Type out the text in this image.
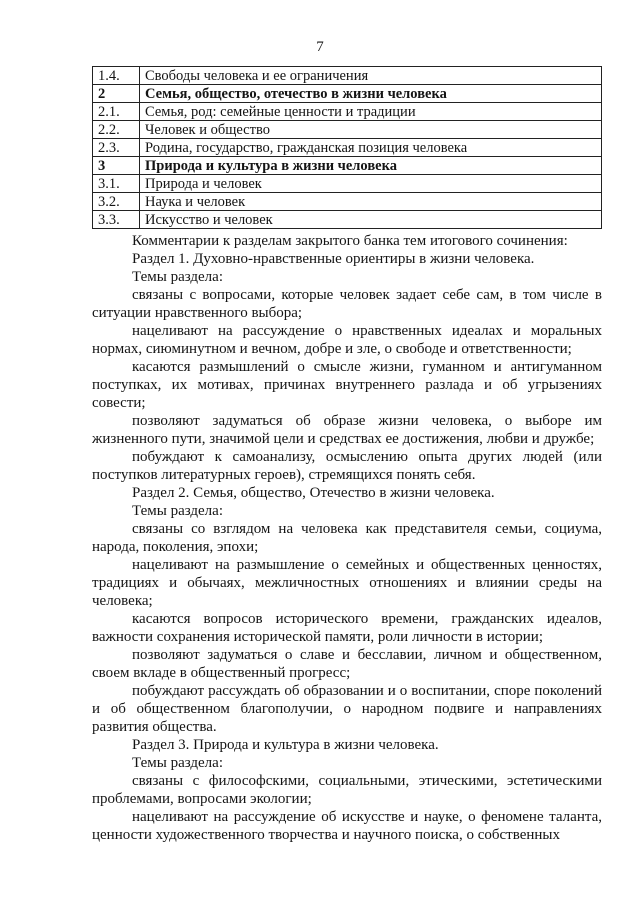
7
1.4.	Свободы человека и ее ограничения
2	Семья, общество, отечество в жизни человека
2.1.	Семья, род: семейные ценности и традиции
2.2.	Человек и общество
2.3.	Родина, государство, гражданская позиция человека
3	Природа и культура в жизни человека
3.1.	Природа и человек
3.2.	Наука и человек
3.3.	Искусство и человек

Комментарии к разделам закрытого банка тем итогового сочинения:

Раздел 1. Духовно-нравственные ориентиры в жизни человека.

Темы раздела:

связаны с вопросами, которые человек задает себе сам, в том числе в ситуации нравственного выбора;

нацеливают на рассуждение о нравственных идеалах и моральных нормах, сиюминутном и вечном, добре и зле, о свободе и ответственности;

касаются размышлений о смысле жизни, гуманном и антигуманном поступках, их мотивах, причинах внутреннего разлада и об угрызениях совести;

позволяют задуматься об образе жизни человека, о выборе им жизненного пути, значимой цели и средствах ее достижения, любви и дружбе;

побуждают к самоанализу, осмыслению опыта других людей (или поступков литературных героев), стремящихся понять себя.

Раздел 2. Семья, общество, Отечество в жизни человека.

Темы раздела:

связаны со взглядом на человека как представителя семьи, социума, народа, поколения, эпохи;

нацеливают на размышление о семейных и общественных ценностях, традициях и обычаях, межличностных отношениях и влиянии среды на человека;

касаются вопросов исторического времени, гражданских идеалов, важности сохранения исторической памяти, роли личности в истории;

позволяют задуматься о славе и бесславии, личном и общественном, своем вкладе в общественный прогресс;

побуждают рассуждать об образовании и о воспитании, споре поколений и об общественном благополучии, о народном подвиге и направлениях развития общества.

Раздел 3. Природа и культура в жизни человека.

Темы раздела:

связаны с философскими, социальными, этическими, эстетическими проблемами, вопросами экологии;

нацеливают на рассуждение об искусстве и науке, о феномене таланта, ценности художественного творчества и научного поиска, о собственных
